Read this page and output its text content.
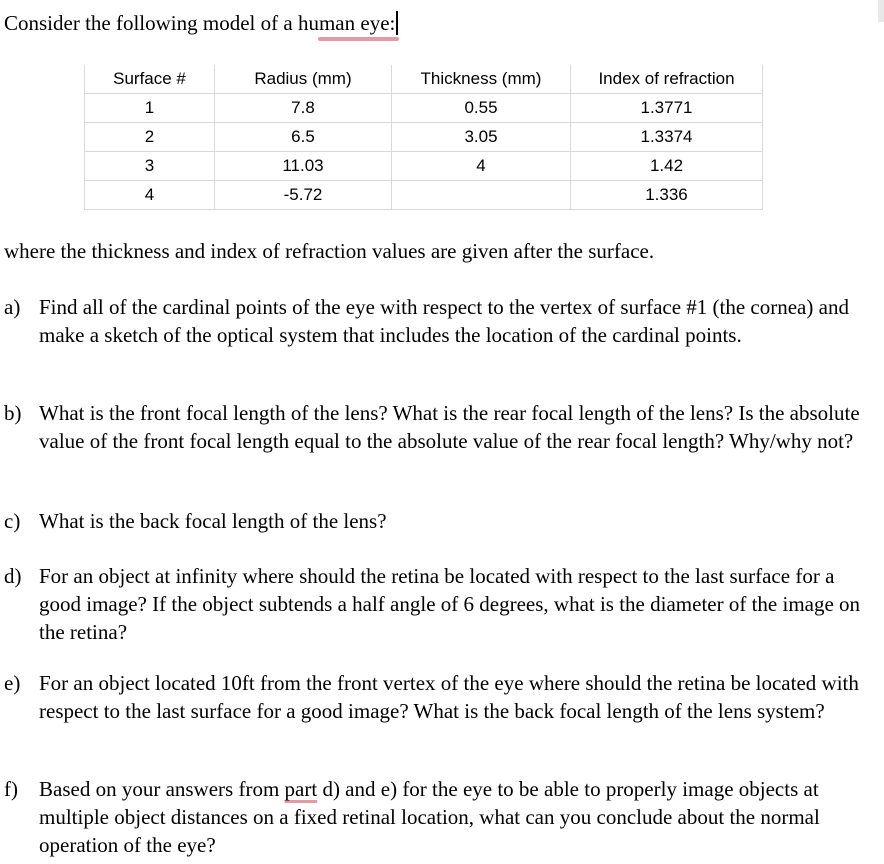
Consider the following model of a human eye:
Surface #	Radius (mm)	Thickness (mm)	Index of refraction
1	7.8	0.55	1.3771
2	6.5	3.05	1.3374
3	11.03	4	1.42
4	-5.72		1.336
where the thickness and index of refraction values are given after the surface.
a) Find all of the cardinal points of the eye with respect to the vertex of surface #1 (the cornea) and make a sketch of the optical system that includes the location of the cardinal points.
b) What is the front focal length of the lens? What is the rear focal length of the lens? Is the absolute value of the front focal length equal to the absolute value of the rear focal length? Why/why not?
c) What is the back focal length of the lens?
d) For an object at infinity where should the retina be located with respect to the last surface for a good image? If the object subtends a half angle of 6 degrees, what is the diameter of the image on the retina?
e) For an object located 10ft from the front vertex of the eye where should the retina be located with respect to the last surface for a good image? What is the back focal length of the lens system?
f) Based on your answers from part d) and e) for the eye to be able to properly image objects at multiple object distances on a fixed retinal location, what can you conclude about the normal operation of the eye?
